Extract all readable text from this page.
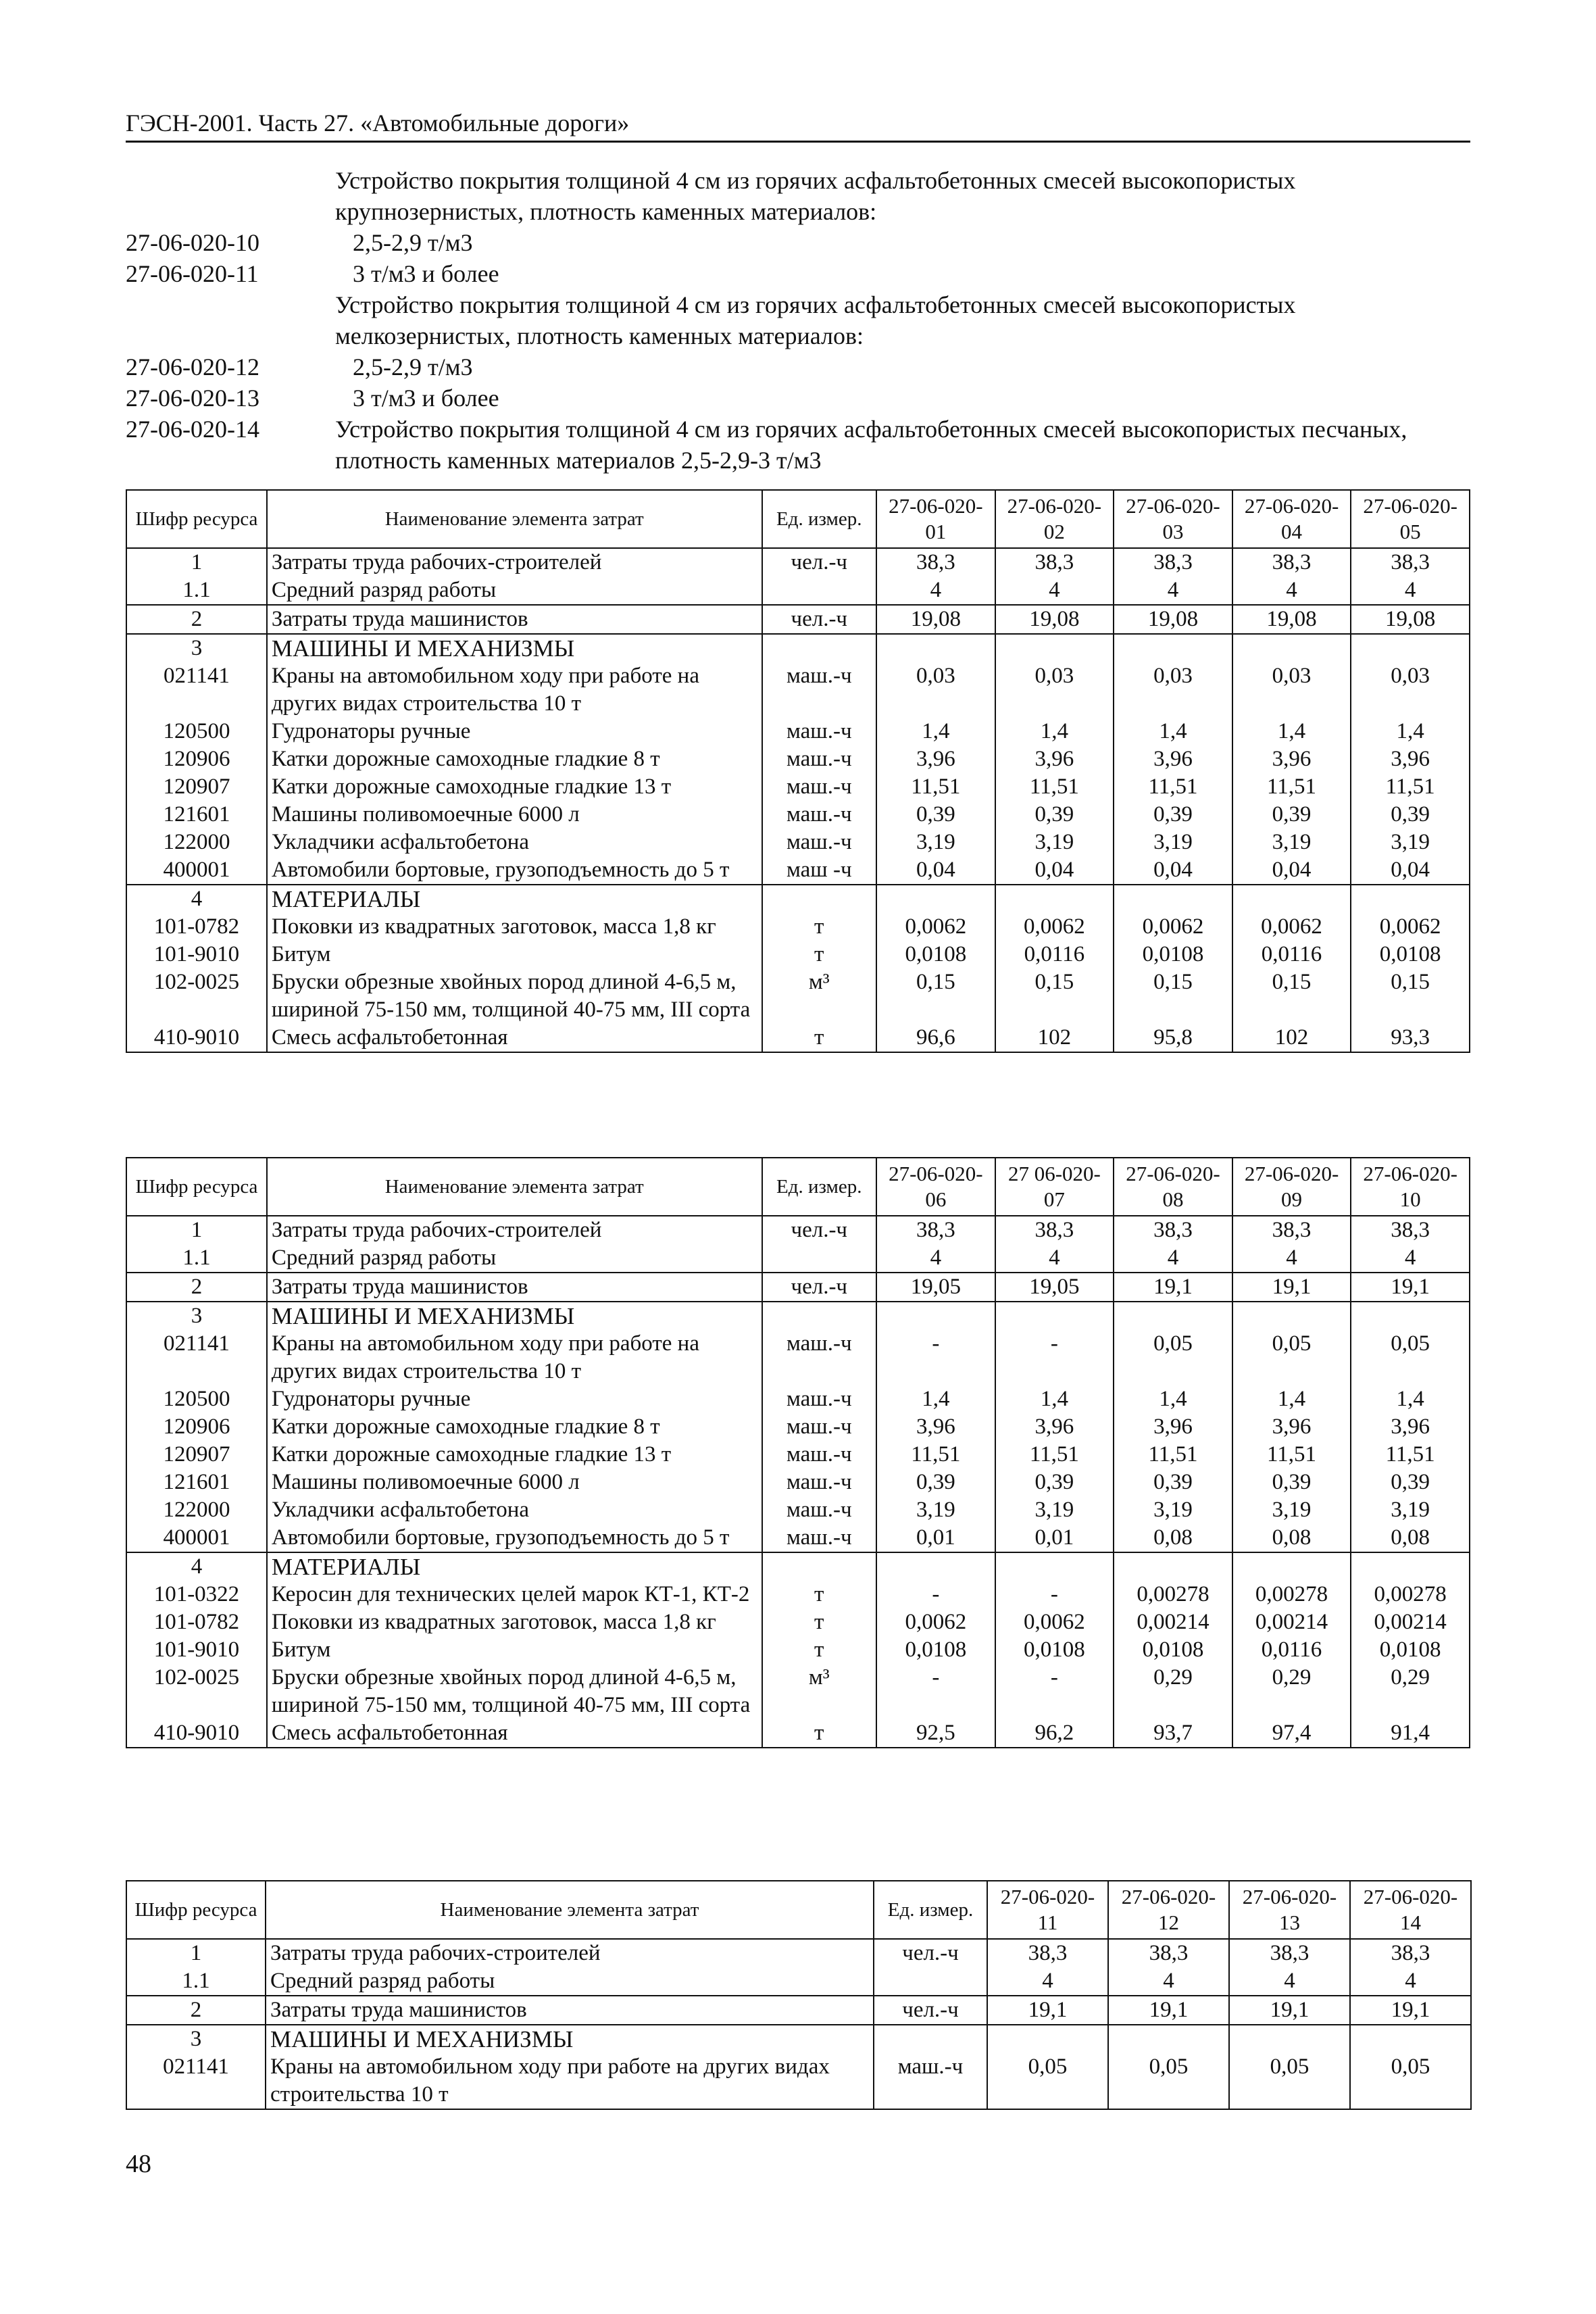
ГЭСН-2001. Часть 27. «Автомобильные дороги»
Устройство покрытия толщиной 4 см из горячих асфальтобетонных смесей высокопористых крупнозернистых, плотность каменных материалов:
27-06-020-10	2,5-2,9 т/м3
27-06-020-11	3 т/м3 и более
Устройство покрытия толщиной 4 см из горячих асфальтобетонных смесей высокопористых мелкозернистых, плотность каменных материалов:
27-06-020-12	2,5-2,9 т/м3
27-06-020-13	3 т/м3 и более
27-06-020-14	Устройство покрытия толщиной 4 см из горячих асфальтобетонных смесей высокопористых песчаных, плотность каменных материалов 2,5-2,9-3 т/м3
Шифр ресурса	Наименование элемента затрат	Ед. измер.	27-06-020-01	27-06-020-02	27-06-020-03	27-06-020-04	27-06-020-05
1	Затраты труда рабочих-строителей	чел.-ч	38,3	38,3	38,3	38,3	38,3
1.1	Средний разряд работы		4	4	4	4	4
2	Затраты труда машинистов	чел.-ч	19,08	19,08	19,08	19,08	19,08
3	МАШИНЫ И МЕХАНИЗМЫ						
021141	Краны на автомобильном ходу при работе на других видах строительства 10 т	маш.-ч	0,03	0,03	0,03	0,03	0,03
120500	Гудронаторы ручные	маш.-ч	1,4	1,4	1,4	1,4	1,4
120906	Катки дорожные самоходные гладкие 8 т	маш.-ч	3,96	3,96	3,96	3,96	3,96
120907	Катки дорожные самоходные гладкие 13 т	маш.-ч	11,51	11,51	11,51	11,51	11,51
121601	Машины поливомоечные 6000 л	маш.-ч	0,39	0,39	0,39	0,39	0,39
122000	Укладчики асфальтобетона	маш.-ч	3,19	3,19	3,19	3,19	3,19
400001	Автомобили бортовые, грузоподъемность до 5 т	маш -ч	0,04	0,04	0,04	0,04	0,04
4	МАТЕРИАЛЫ						
101-0782	Поковки из квадратных заготовок, масса 1,8 кг	т	0,0062	0,0062	0,0062	0,0062	0,0062
101-9010	Битум	т	0,0108	0,0116	0,0108	0,0116	0,0108
102-0025	Бруски обрезные хвойных пород длиной 4-6,5 м, шириной 75-150 мм, толщиной 40-75 мм, III сорта	м³	0,15	0,15	0,15	0,15	0,15
410-9010	Смесь асфальтобетонная	т	96,6	102	95,8	102	93,3
Шифр ресурса	Наименование элемента затрат	Ед. измер.	27-06-020-06	27 06-020-07	27-06-020-08	27-06-020-09	27-06-020-10
1	Затраты труда рабочих-строителей	чел.-ч	38,3	38,3	38,3	38,3	38,3
1.1	Средний разряд работы		4	4	4	4	4
2	Затраты труда машинистов	чел.-ч	19,05	19,05	19,1	19,1	19,1
3	МАШИНЫ И МЕХАНИЗМЫ						
021141	Краны на автомобильном ходу при работе на других видах строительства 10 т	маш.-ч	-	-	0,05	0,05	0,05
120500	Гудронаторы ручные	маш.-ч	1,4	1,4	1,4	1,4	1,4
120906	Катки дорожные самоходные гладкие 8 т	маш.-ч	3,96	3,96	3,96	3,96	3,96
120907	Катки дорожные самоходные гладкие 13 т	маш.-ч	11,51	11,51	11,51	11,51	11,51
121601	Машины поливомоечные 6000 л	маш.-ч	0,39	0,39	0,39	0,39	0,39
122000	Укладчики асфальтобетона	маш.-ч	3,19	3,19	3,19	3,19	3,19
400001	Автомобили бортовые, грузоподъемность до 5 т	маш.-ч	0,01	0,01	0,08	0,08	0,08
4	МАТЕРИАЛЫ						
101-0322	Керосин для технических целей марок КТ-1, КТ-2	т	-	-	0,00278	0,00278	0,00278
101-0782	Поковки из квадратных заготовок, масса 1,8 кг	т	0,0062	0,0062	0,00214	0,00214	0,00214
101-9010	Битум	т	0,0108	0,0108	0,0108	0,0116	0,0108
102-0025	Бруски обрезные хвойных пород длиной 4-6,5 м, шириной 75-150 мм, толщиной 40-75 мм, III сорта	м³	-	-	0,29	0,29	0,29
410-9010	Смесь асфальтобетонная	т	92,5	96,2	93,7	97,4	91,4
Шифр ресурса	Наименование элемента затрат	Ед. измер.	27-06-020-11	27-06-020-12	27-06-020-13	27-06-020-14
1	Затраты труда рабочих-строителей	чел.-ч	38,3	38,3	38,3	38,3
1.1	Средний разряд работы		4	4	4	4
2	Затраты труда машинистов	чел.-ч	19,1	19,1	19,1	19,1
3	МАШИНЫ И МЕХАНИЗМЫ					
021141	Краны на автомобильном ходу при работе на других видах строительства 10 т	маш.-ч	0,05	0,05	0,05	0,05
48
